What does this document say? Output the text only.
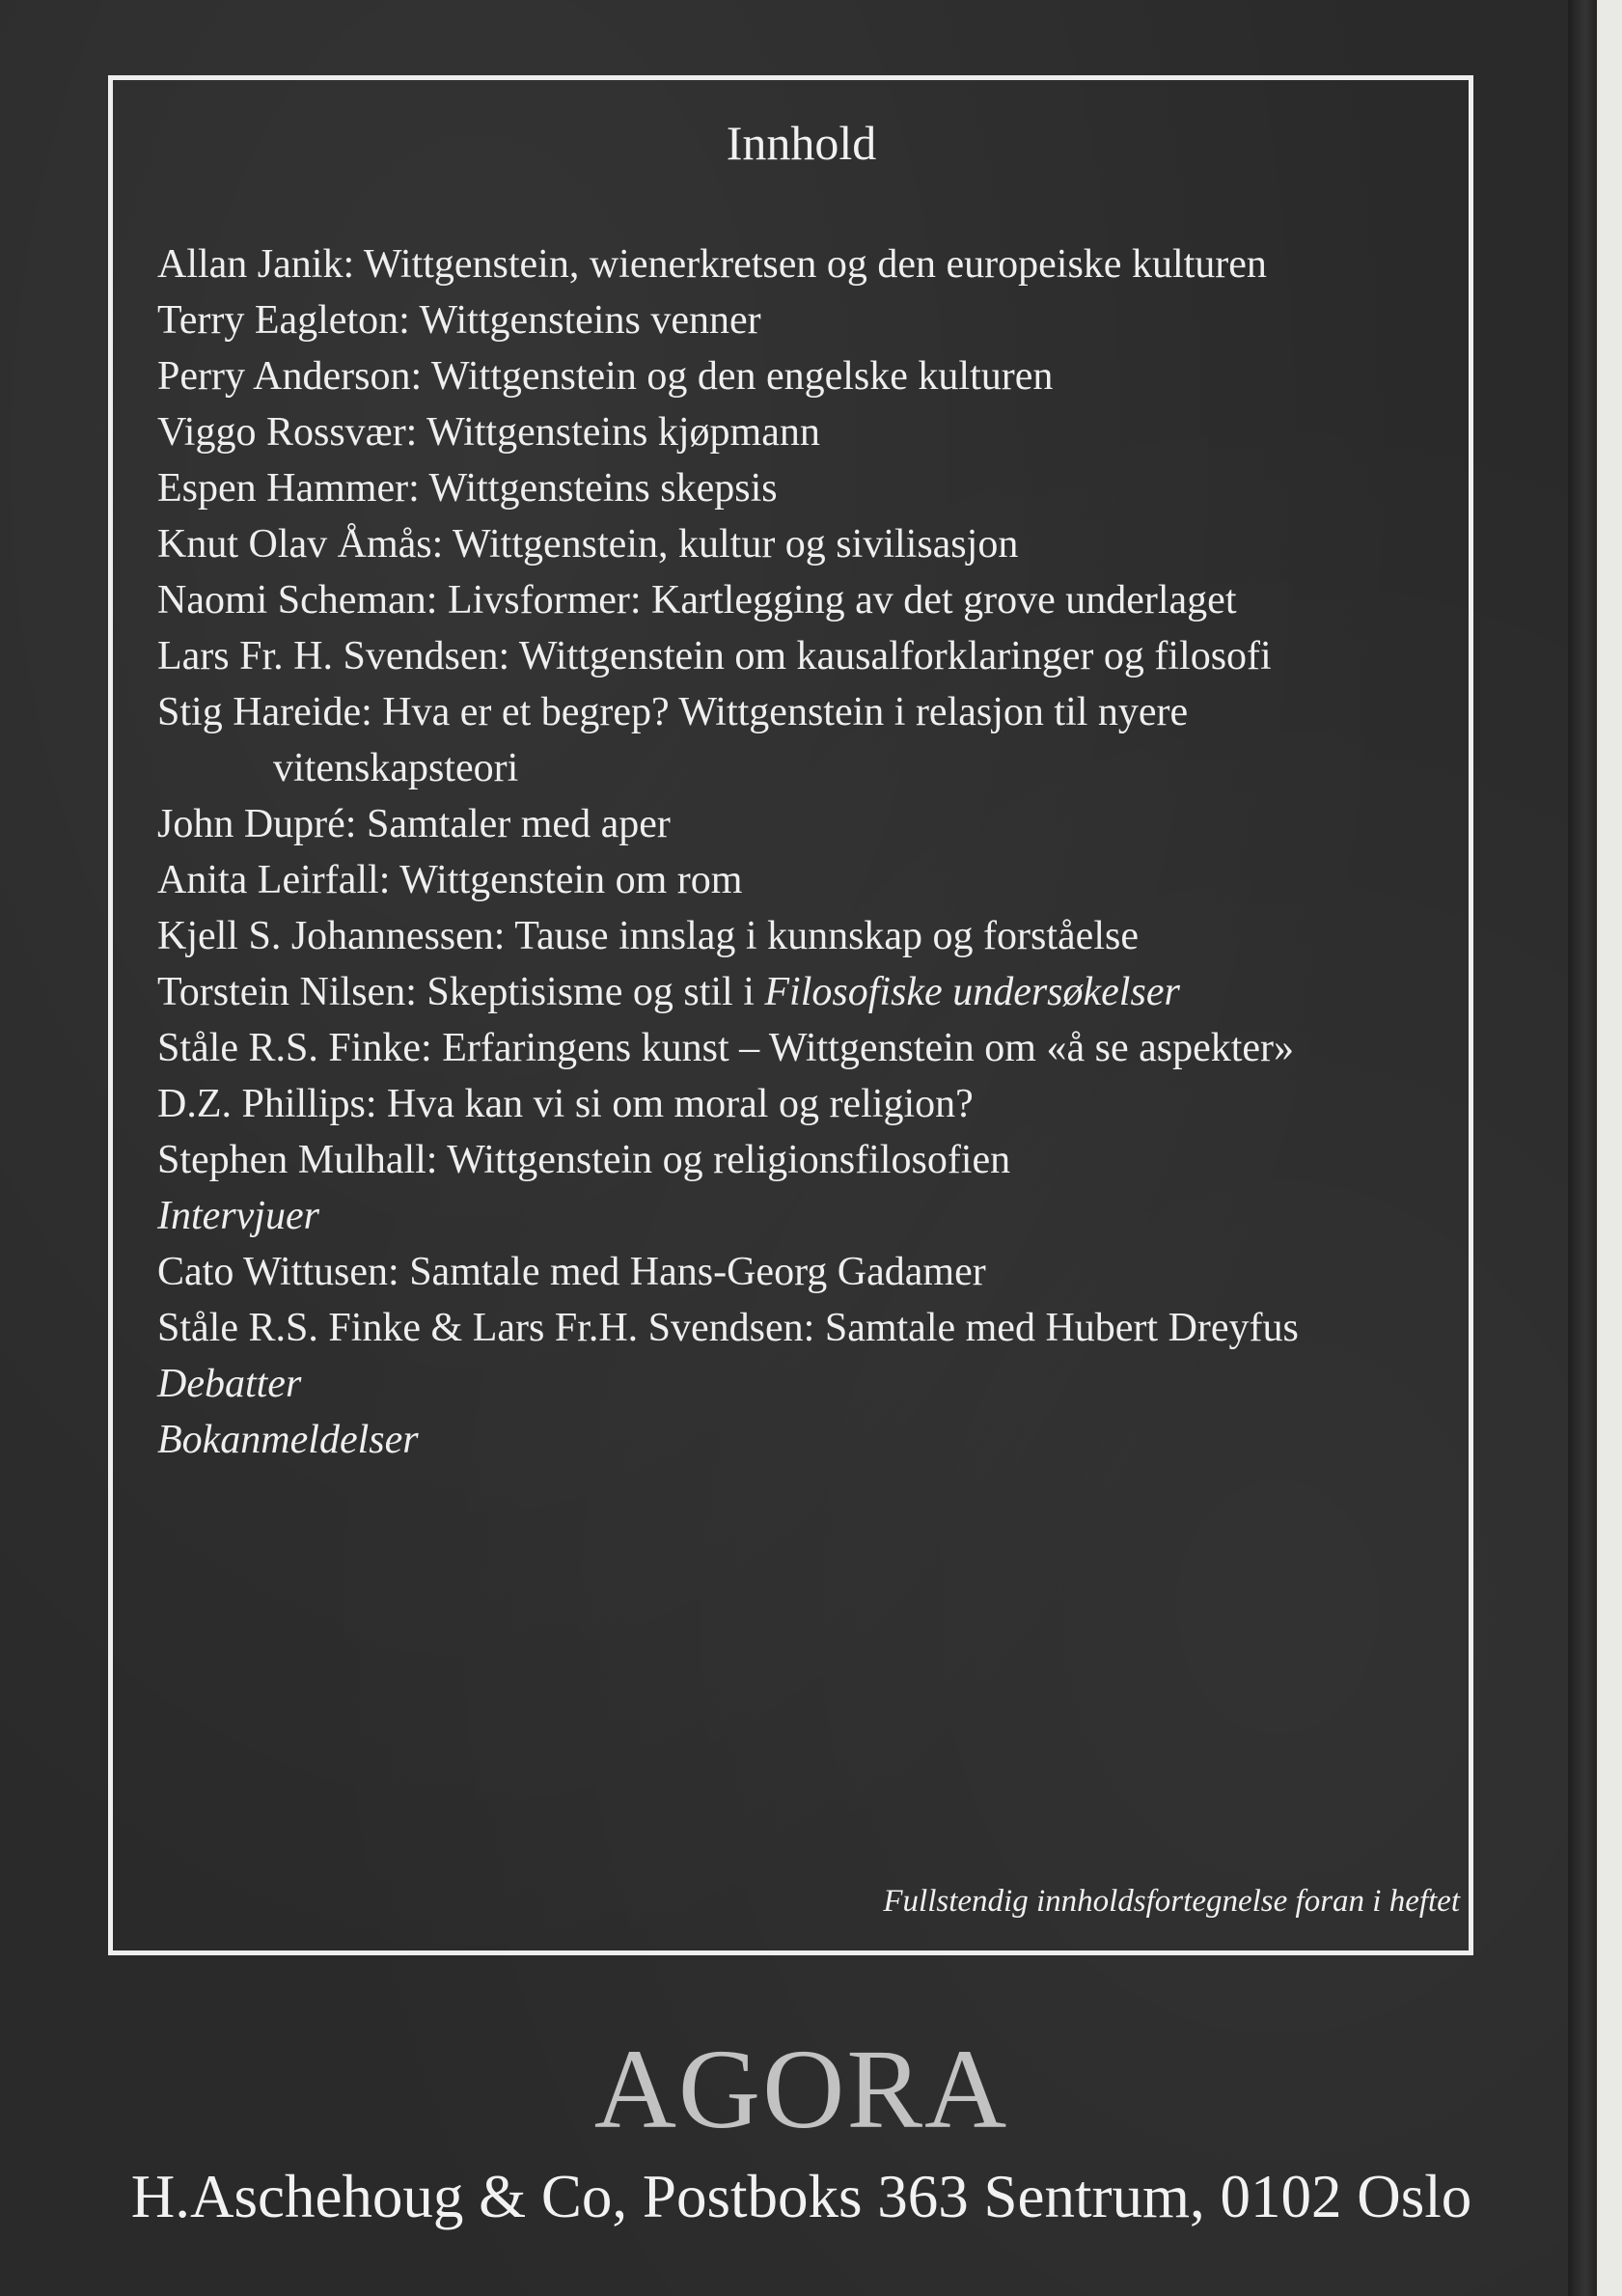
Innhold

Allan Janik: Wittgenstein, wienerkretsen og den europeiske kulturen

Terry Eagleton: Wittgensteins venner

Perry Anderson: Wittgenstein og den engelske kulturen

Viggo Rossvær: Wittgensteins kjøpmann

Espen Hammer: Wittgensteins skepsis

Knut Olav Åmås: Wittgenstein, kultur og sivilisasjon

Naomi Scheman: Livsformer: Kartlegging av det grove underlaget

Lars Fr. H. Svendsen: Wittgenstein om kausalforklaringer og filosofi

Stig Hareide: Hva er et begrep? Wittgenstein i relasjon til nyere vitenskapsteori

John Dupré: Samtaler med aper

Anita Leirfall: Wittgenstein om rom

Kjell S. Johannessen: Tause innslag i kunnskap og forståelse

Torstein Nilsen: Skeptisisme og stil i Filosofiske undersøkelser

Ståle R.S. Finke: Erfaringens kunst – Wittgenstein om «å se aspekter»

D.Z. Phillips: Hva kan vi si om moral og religion?

Stephen Mulhall: Wittgenstein og religionsfilosofien

Intervjuer

Cato Wittusen: Samtale med Hans-Georg Gadamer

Ståle R.S. Finke & Lars Fr.H. Svendsen: Samtale med Hubert Dreyfus

Debatter

Bokanmeldelser

Fullstendig innholdsfortegnelse foran i heftet
AGORA
H.Aschehoug & Co, Postboks 363 Sentrum, 0102 Oslo
